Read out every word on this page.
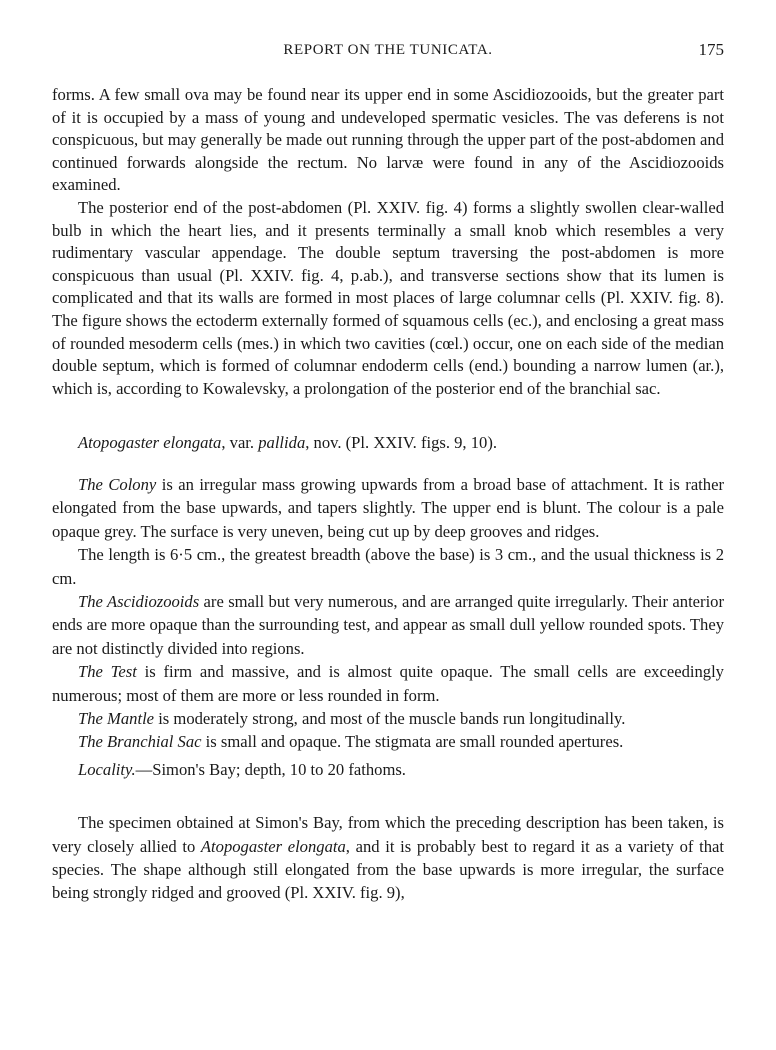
REPORT ON THE TUNICATA.	175

forms. A few small ova may be found near its upper end in some Ascidiozooids, but the greater part of it is occupied by a mass of young and undeveloped spermatic vesicles. The vas deferens is not conspicuous, but may generally be made out running through the upper part of the post-abdomen and continued forwards alongside the rectum. No larvæ were found in any of the Ascidiozooids examined.

The posterior end of the post-abdomen (Pl. XXIV. fig. 4) forms a slightly swollen clear-walled bulb in which the heart lies, and it presents terminally a small knob which resembles a very rudimentary vascular appendage. The double septum traversing the post-abdomen is more conspicuous than usual (Pl. XXIV. fig. 4, p.ab.), and transverse sections show that its lumen is complicated and that its walls are formed in most places of large columnar cells (Pl. XXIV. fig. 8). The figure shows the ectoderm externally formed of squamous cells (ec.), and enclosing a great mass of rounded mesoderm cells (mes.) in which two cavities (cœl.) occur, one on each side of the median double septum, which is formed of columnar endoderm cells (end.) bounding a narrow lumen (ar.), which is, according to Kowalevsky, a prolongation of the posterior end of the branchial sac.

Atopogaster elongata, var. pallida, nov. (Pl. XXIV. figs. 9, 10).

The Colony is an irregular mass growing upwards from a broad base of attachment. It is rather elongated from the base upwards, and tapers slightly. The upper end is blunt. The colour is a pale opaque grey. The surface is very uneven, being cut up by deep grooves and ridges.

The length is 6·5 cm., the greatest breadth (above the base) is 3 cm., and the usual thickness is 2 cm.

The Ascidiozooids are small but very numerous, and are arranged quite irregularly. Their anterior ends are more opaque than the surrounding test, and appear as small dull yellow rounded spots. They are not distinctly divided into regions.

The Test is firm and massive, and is almost quite opaque. The small cells are exceedingly numerous; most of them are more or less rounded in form.

The Mantle is moderately strong, and most of the muscle bands run longitudinally.

The Branchial Sac is small and opaque. The stigmata are small rounded apertures.

Locality.—Simon's Bay; depth, 10 to 20 fathoms.

The specimen obtained at Simon's Bay, from which the preceding description has been taken, is very closely allied to Atopogaster elongata, and it is probably best to regard it as a variety of that species. The shape although still elongated from the base upwards is more irregular, the surface being strongly ridged and grooved (Pl. XXIV. fig. 9),
